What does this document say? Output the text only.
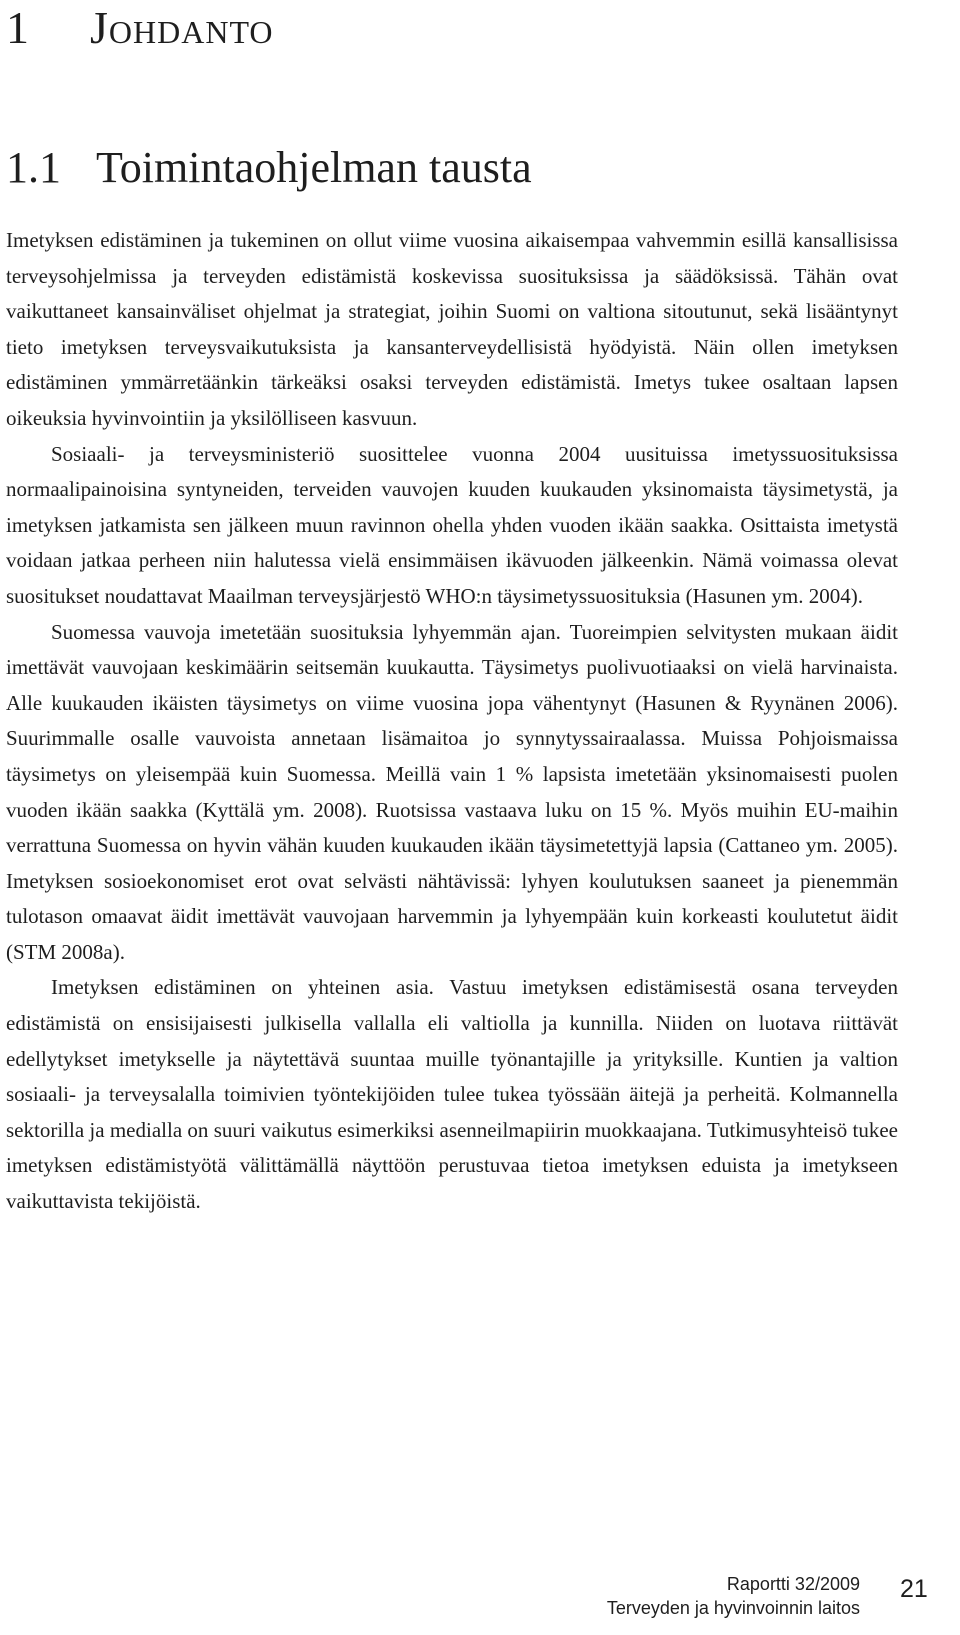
1 Johdanto
1.1 Toimintaohjelman tausta

Imetyksen edistäminen ja tukeminen on ollut viime vuosina aikaisempaa vahvemmin esillä kansallisissa terveysohjelmissa ja terveyden edistämistä koskevissa suosituksissa ja säädöksissä. Tähän ovat vaikuttaneet kansainväliset ohjelmat ja strategiat, joihin Suomi on valtiona sitoutunut, sekä lisääntynyt tieto imetyksen terveysvaikutuksista ja kansanterveydellisistä hyödyistä. Näin ollen imetyksen edistäminen ymmärretäänkin tärkeäksi osaksi terveyden edistämistä. Imetys tukee osaltaan lapsen oikeuksia hyvinvointiin ja yksilölliseen kasvuun.

Sosiaali- ja terveysministeriö suosittelee vuonna 2004 uusituissa imetyssuosituksissa normaalipainoisina syntyneiden, terveiden vauvojen kuuden kuukauden yksinomaista täysimetystä, ja imetyksen jatkamista sen jälkeen muun ravinnon ohella yhden vuoden ikään saakka. Osittaista imetystä voidaan jatkaa perheen niin halutessa vielä ensimmäisen ikävuoden jälkeenkin. Nämä voimassa olevat suositukset noudattavat Maailman terveysjärjestö WHO:n täysimetyssuosituksia (Hasunen ym. 2004).

Suomessa vauvoja imetetään suosituksia lyhyemmän ajan. Tuoreimpien selvitysten mukaan äidit imettävät vauvojaan keskimäärin seitsemän kuukautta. Täysimetys puolivuotiaaksi on vielä harvinaista. Alle kuukauden ikäisten täysimetys on viime vuosina jopa vähentynyt (Hasunen & Ryynänen 2006). Suurimmalle osalle vauvoista annetaan lisämaitoa jo synnytyssairaalassa. Muissa Pohjoismaissa täysimetys on yleisempää kuin Suomessa. Meillä vain 1 % lapsista imetetään yksinomaisesti puolen vuoden ikään saakka (Kyttälä ym. 2008). Ruotsissa vastaava luku on 15 %. Myös muihin EU-maihin verrattuna Suomessa on hyvin vähän kuuden kuukauden ikään täysimetettyjä lapsia (Cattaneo ym. 2005). Imetyksen sosioekonomiset erot ovat selvästi nähtävissä: lyhyen koulutuksen saaneet ja pienemmän tulotason omaavat äidit imettävät vauvojaan harvemmin ja lyhyempään kuin korkeasti koulutetut äidit (STM 2008a).

Imetyksen edistäminen on yhteinen asia. Vastuu imetyksen edistämisestä osana terveyden edistämistä on ensisijaisesti julkisella vallalla eli valtiolla ja kunnilla. Niiden on luotava riittävät edellytykset imetykselle ja näytettävä suuntaa muille työnantajille ja yrityksille. Kuntien ja valtion sosiaali- ja terveysalalla toimivien työntekijöiden tulee tukea työssään äitejä ja perheitä. Kolmannella sektorilla ja medialla on suuri vaikutus esimerkiksi asenneilmapiirin muokkaajana. Tutkimusyhteisö tukee imetyksen edistämistyötä välittämällä näyttöön perustuvaa tietoa imetyksen eduista ja imetykseen vaikuttavista tekijöistä.

Raportti 32/2009
Terveyden ja hyvinvoinnin laitos
21
